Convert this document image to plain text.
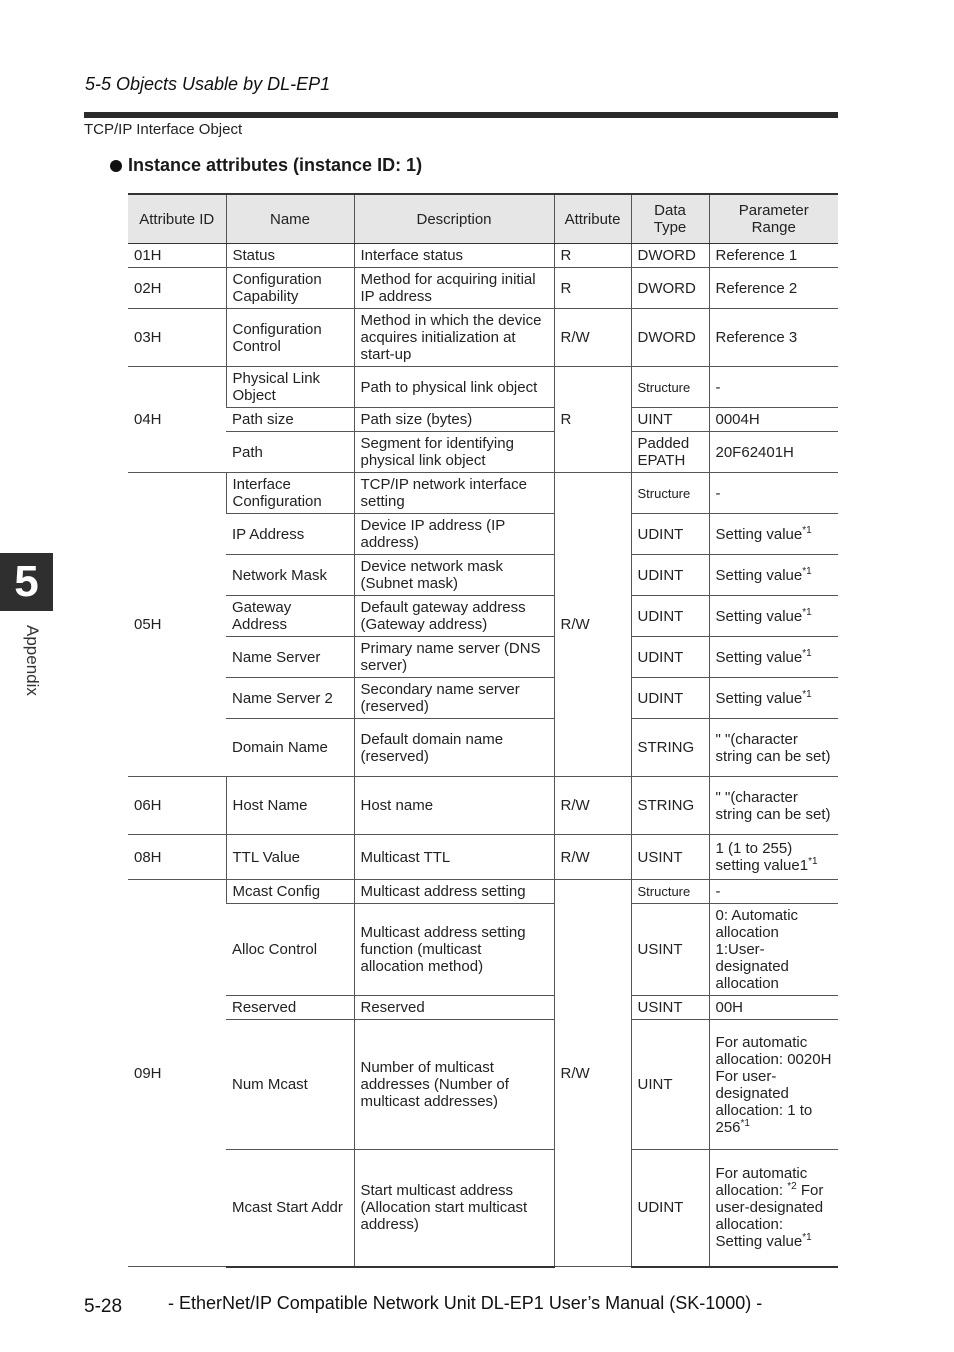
5-5 Objects Usable by DL-EP1
TCP/IP Interface Object
Instance attributes (instance ID: 1)
Attribute ID	Name	Description	Attribute	Data Type	Parameter Range
01H	Status	Interface status	R	DWORD	Reference 1
02H	Configuration Capability	Method for acquiring initial IP address	R	DWORD	Reference 2
03H	Configuration Control	Method in which the device acquires initialization at start-up	R/W	DWORD	Reference 3
04H	Physical Link Object	Path to physical link object	R	Structure	-
	Path size	Path size (bytes)		UINT	0004H
	Path	Segment for identifying physical link object		Padded EPATH	20F62401H
05H	Interface Configuration	TCP/IP network interface setting	R/W	Structure	-
	IP Address	Device IP address (IP address)		UDINT	Setting value$^{*1}$
	Network Mask	Device network mask (Subnet mask)		UDINT	Setting value$^{*1}$
	Gateway Address	Default gateway address (Gateway address)		UDINT	Setting value$^{*1}$
	Name Server	Primary name server (DNS server)		UDINT	Setting value$^{*1}$
	Name Server 2	Secondary name server (reserved)		UDINT	Setting value$^{*1}$
	Domain Name	Default domain name (reserved)		STRING	" "(character string can be set)
06H	Host Name	Host name	R/W	STRING	" "(character string can be set)
08H	TTL Value	Multicast TTL	R/W	USINT	1 (1 to 255) setting value1$^{*1}$
09H	Mcast Config	Multicast address setting	R/W	Structure	-
	Alloc Control	Multicast address setting function (multicast allocation method)		USINT	0: Automatic allocation 1:User-designated allocation
	Reserved	Reserved		USINT	00H
	Num Mcast	Number of multicast addresses (Number of multicast addresses)		UINT	For automatic allocation: 0020H For user-designated allocation: 1 to 256$^{*1}$
	Mcast Start Addr	Start multicast address (Allocation start multicast address)		UDINT	For automatic allocation: $^{*2}$ For user-designated allocation: Setting value$^{*1}$
5
Appendix
5-28	- EtherNet/IP Compatible Network Unit DL-EP1 User’s Manual (SK-1000) -
